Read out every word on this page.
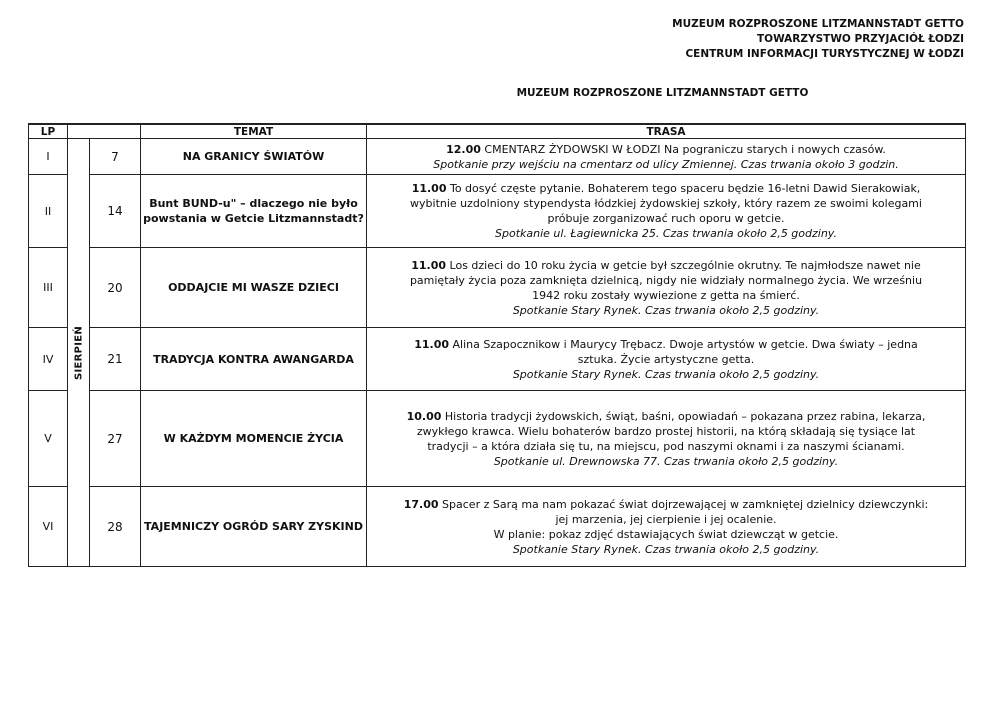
MUZEUM ROZPROSZONE LITZMANNSTADT GETTO
TOWARZYSTWO PRZYJACIÓŁ ŁODZI
CENTRUM INFORMACJI TURYSTYCZNEJ W ŁODZI
MUZEUM ROZPROSZONE LITZMANNSTADT GETTO
LP			TEMAT	TRASA
I	SIERPIEŃ	7	NA GRANICY ŚWIATÓW	12.00 CMENTARZ ŻYDOWSKI W ŁODZI Na pograniczu starych i nowych czasów.
Spotkanie przy wejściu na cmentarz od ulicy Zmiennej. Czas trwania około 3 godzin.

II		14	Bunt BUND-u" – dlaczego nie było
powstania w Getcie Litzmannstadt?	11.00 To dosyć częste pytanie. Bohaterem tego spaceru będzie 16-letni Dawid Sierakowiak,
wybitnie uzdolniony stypendysta łódzkiej żydowskiej szkoły, który razem ze swoimi kolegami
próbuje zorganizować ruch oporu w getcie.
Spotkanie ul. Łagiewnicka 25. Czas trwania około 2,5 godziny.

III		20	ODDAJCIE MI WASZE DZIECI	11.00 Los dzieci do 10 roku życia w getcie był szczególnie okrutny. Te najmłodsze nawet nie
pamiętały życia poza zamknięta dzielnicą, nigdy nie widziały normalnego życia. We wrześniu
1942 roku zostały wywiezione z getta na śmierć.
Spotkanie Stary Rynek. Czas trwania około 2,5 godziny.

IV		21	TRADYCJA KONTRA AWANGARDA	11.00 Alina Szapocznikow i Maurycy Trębacz. Dwoje artystów w getcie. Dwa światy – jedna
sztuka. Życie artystyczne getta.
Spotkanie Stary Rynek. Czas trwania około 2,5 godziny.

V		27	W KAŻDYM MOMENCIE ŻYCIA	10.00 Historia tradycji żydowskich, świąt, baśni, opowiadań – pokazana przez rabina, lekarza,
zwykłego krawca. Wielu bohaterów bardzo prostej historii, na którą składają się tysiące lat
tradycji – a która działa się tu, na miejscu, pod naszymi oknami i za naszymi ścianami.
Spotkanie ul. Drewnowska 77. Czas trwania około 2,5 godziny.

VI		28	TAJEMNICZY OGRÓD SARY ZYSKIND	17.00 Spacer z Sarą ma nam pokazać świat dojrzewającej w zamkniętej dzielnicy dziewczynki:
jej marzenia, jej cierpienie i jej ocalenie.
W planie: pokaz zdjęć dstawiających świat dziewcząt w getcie.
Spotkanie Stary Rynek. Czas trwania około 2,5 godziny.
